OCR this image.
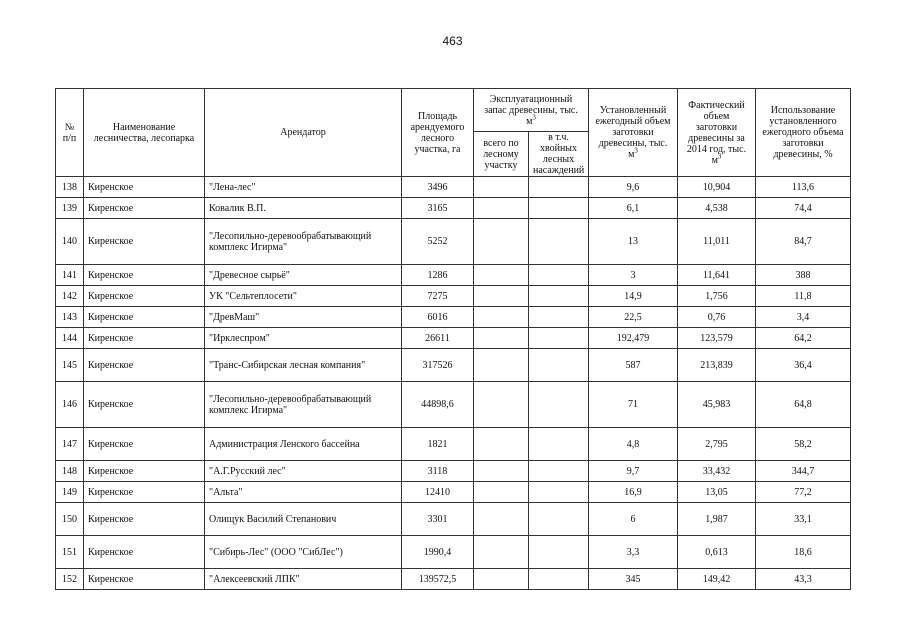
463
№ п/п	Наименование лесничества, лесопарка	Арендатор	Площадь арендуемого лесного участка, га	Эксплуатационный запас древесины, тыс. $м^3$		Установленный ежегодный объем заготовки древесины, тыс. $м^3$	Фактический объем заготовки древесины за 2014 год, тыс. $м^3$	Использование установленного ежегодного объема заготовки древесины, %
				всего по лесному участку	в т.ч. хвойных лесных насаждений			
138	Киренское	"Лена-лес"	3496			9,6	10,904	113,6
139	Киренское	Ковалик В.П.	3165			6,1	4,538	74,4
140	Киренское	"Лесопильно-деревообрабатывающий комплекс Игирма"	5252			13	11,011	84,7
141	Киренское	"Древесное сырьё"	1286			3	11,641	388
142	Киренское	УК "Сельтеплосети"	7275			14,9	1,756	11,8
143	Киренское	"ДревМаш"	6016			22,5	0,76	3,4
144	Киренское	"Ирклеспром"	26611			192,479	123,579	64,2
145	Киренское	"Транс-Сибирская лесная компания"	317526			587	213,839	36,4
146	Киренское	"Лесопильно-деревообрабатывающий комплекс Игирма"	44898,6			71	45,983	64,8
147	Киренское	Администрация Ленского бассейна	1821			4,8	2,795	58,2
148	Киренское	"А.Г.Русский лес"	3118			9,7	33,432	344,7
149	Киренское	"Альта"	12410			16,9	13,05	77,2
150	Киренское	Олищук Василий Степанович	3301			6	1,987	33,1
151	Киренское	"Сибирь-Лес" (ООО "СибЛес")	1990,4			3,3	0,613	18,6
152	Киренское	"Алексеевский ЛПК"	139572,5			345	149,42	43,3
